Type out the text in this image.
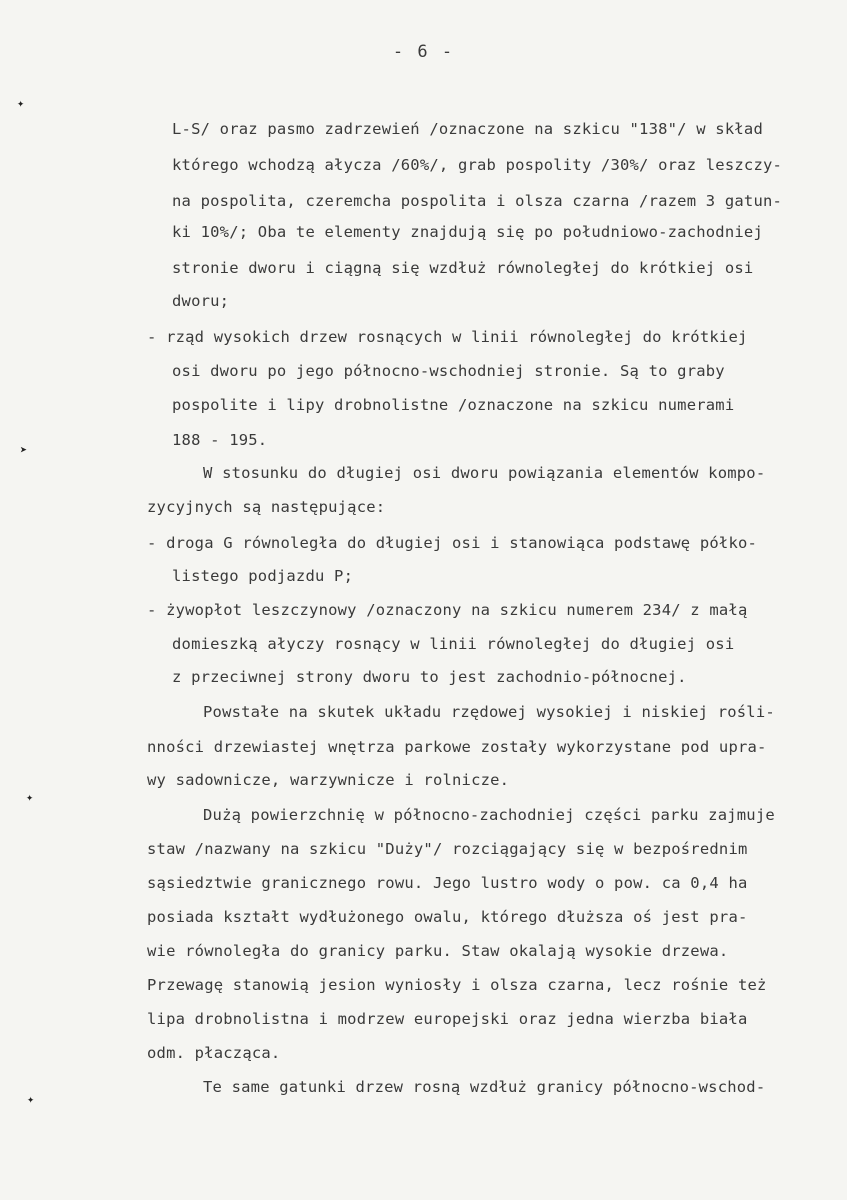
- 6 -
✦
➤
✦
✦
L-S/ oraz pasmo zadrzewień /oznaczone na szkicu "138"/ w skład
którego wchodzą ałycza /60%/, grab pospolity /30%/ oraz leszczy-
na pospolita, czeremcha pospolita i olsza czarna /razem 3 gatun-
ki 10%/; Oba te elementy znajdują się po południowo-zachodniej
stronie dworu i ciągną się wzdłuż równoległej do krótkiej osi
dworu;
- rząd wysokich drzew rosnących w linii równoległej do krótkiej
osi dworu po jego północno-wschodniej stronie. Są to graby
pospolite i lipy drobnolistne /oznaczone na szkicu numerami
188 - 195.
W stosunku do długiej osi dworu powiązania elementów kompo-
zycyjnych są następujące:
- droga G równoległa do długiej osi i stanowiąca podstawę półko-
listego podjazdu P;
- żywopłot leszczynowy /oznaczony na szkicu numerem 234/ z małą
domieszką ałyczy rosnący w linii równoległej do długiej osi
z przeciwnej strony dworu to jest zachodnio-północnej.
Powstałe na skutek układu rzędowej wysokiej i niskiej rośli-
nności drzewiastej wnętrza parkowe zostały wykorzystane pod upra-
wy sadownicze, warzywnicze i rolnicze.
Dużą powierzchnię w północno-zachodniej części parku zajmuje
staw /nazwany na szkicu "Duży"/ rozciągający się w bezpośrednim
sąsiedztwie granicznego rowu. Jego lustro wody o pow. ca 0,4 ha
posiada kształt wydłużonego owalu, którego dłuższa oś jest pra-
wie równoległa do granicy parku. Staw okalają wysokie drzewa.
Przewagę stanowią jesion wyniosły i olsza czarna, lecz rośnie też
lipa drobnolistna i modrzew europejski oraz jedna wierzba biała
odm. płacząca.
Te same gatunki drzew rosną wzdłuż granicy północno-wschod-
